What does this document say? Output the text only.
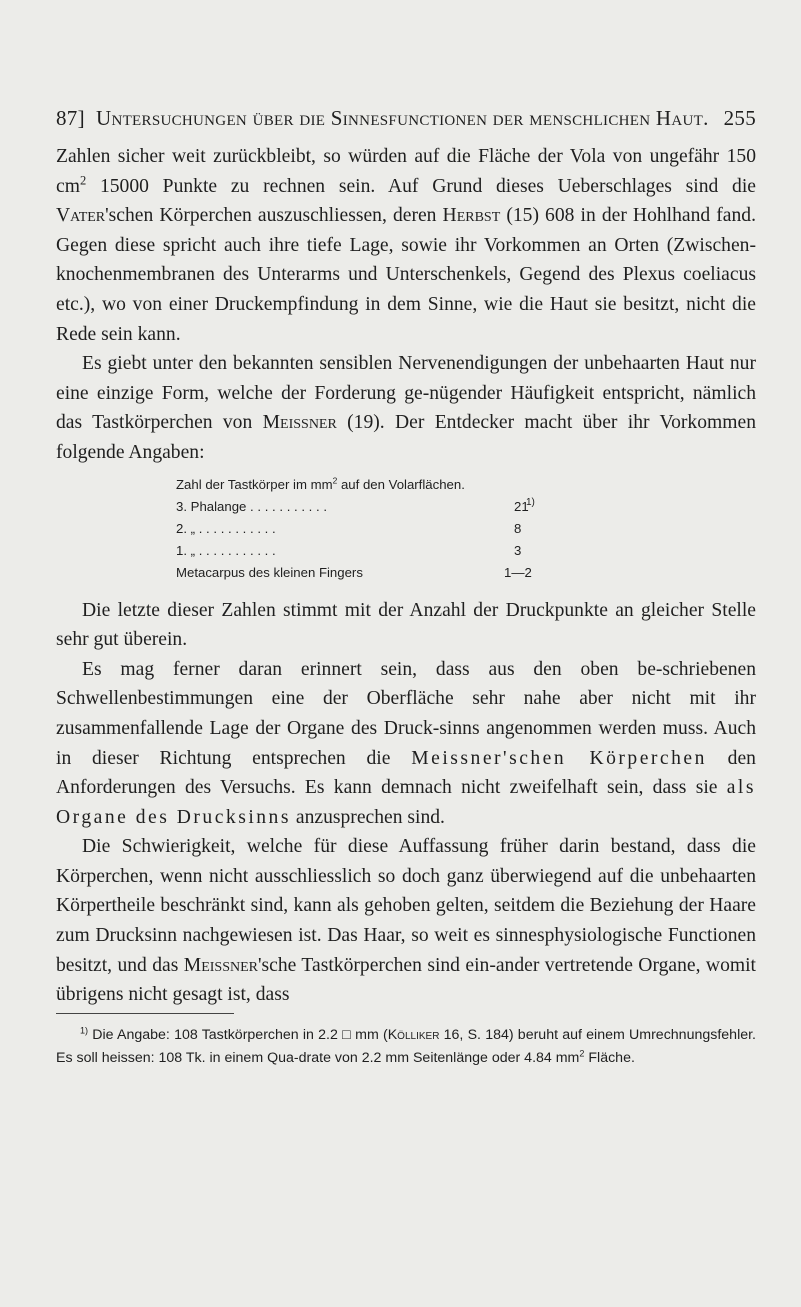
87] Untersuchungen über die Sinnesfunctionen der menschlichen Haut. 255

Zahlen sicher weit zurückbleibt, so würden auf die Fläche der Vola von ungefähr 150 $cm^2$ 15000 Punkte zu rechnen sein. Auf Grund dieses Ueberschlages sind die Vater'schen Körperchen auszuschliessen, deren Herbst (15) 608 in der Hohlhand fand. Gegen diese spricht auch ihre tiefe Lage, sowie ihr Vorkommen an Orten (Zwischen-knochenmembranen des Unterarms und Unterschenkels, Gegend des Plexus coeliacus etc.), wo von einer Druckempfindung in dem Sinne, wie die Haut sie besitzt, nicht die Rede sein kann.

Es giebt unter den bekannten sensiblen Nervenendigungen der unbehaarten Haut nur eine einzige Form, welche der Forderung ge-nügender Häufigkeit entspricht, nämlich das Tastkörperchen von Meissner (19). Der Entdecker macht über ihr Vorkommen folgende Angaben:

Zahl der Tastkörper im $mm^2$ auf den Volarflächen.
3. Phalange . . . . . . . . . . .	21
1)
2. „ . . . . . . . . . . .	8
1. „ . . . . . . . . . . .	3
Metacarpus des kleinen Fingers	1—2

Die letzte dieser Zahlen stimmt mit der Anzahl der Druckpunkte an gleicher Stelle sehr gut überein.

Es mag ferner daran erinnert sein, dass aus den oben be-schriebenen Schwellenbestimmungen eine der Oberfläche sehr nahe aber nicht mit ihr zusammenfallende Lage der Organe des Druck-sinns angenommen werden muss. Auch in dieser Richtung entsprechen die Meissner'schen Körperchen den Anforderungen des Versuchs. Es kann demnach nicht zweifelhaft sein, dass sie als Organe des Drucksinns anzusprechen sind.

Die Schwierigkeit, welche für diese Auffassung früher darin bestand, dass die Körperchen, wenn nicht ausschliesslich so doch ganz überwiegend auf die unbehaarten Körpertheile beschränkt sind, kann als gehoben gelten, seitdem die Beziehung der Haare zum Drucksinn nachgewiesen ist. Das Haar, so weit es sinnesphysiologische Functionen besitzt, und das Meissner'sche Tastkörperchen sind ein-ander vertretende Organe, womit übrigens nicht gesagt ist, dass

$^{1)}$ Die Angabe: 108 Tastkörperchen in 2.2 □ mm (Kölliker 16, S. 184) beruht auf einem Umrechnungsfehler. Es soll heissen: 108 Tk. in einem Qua-drate von 2.2 mm Seitenlänge oder 4.84 $mm^2$ Fläche.
